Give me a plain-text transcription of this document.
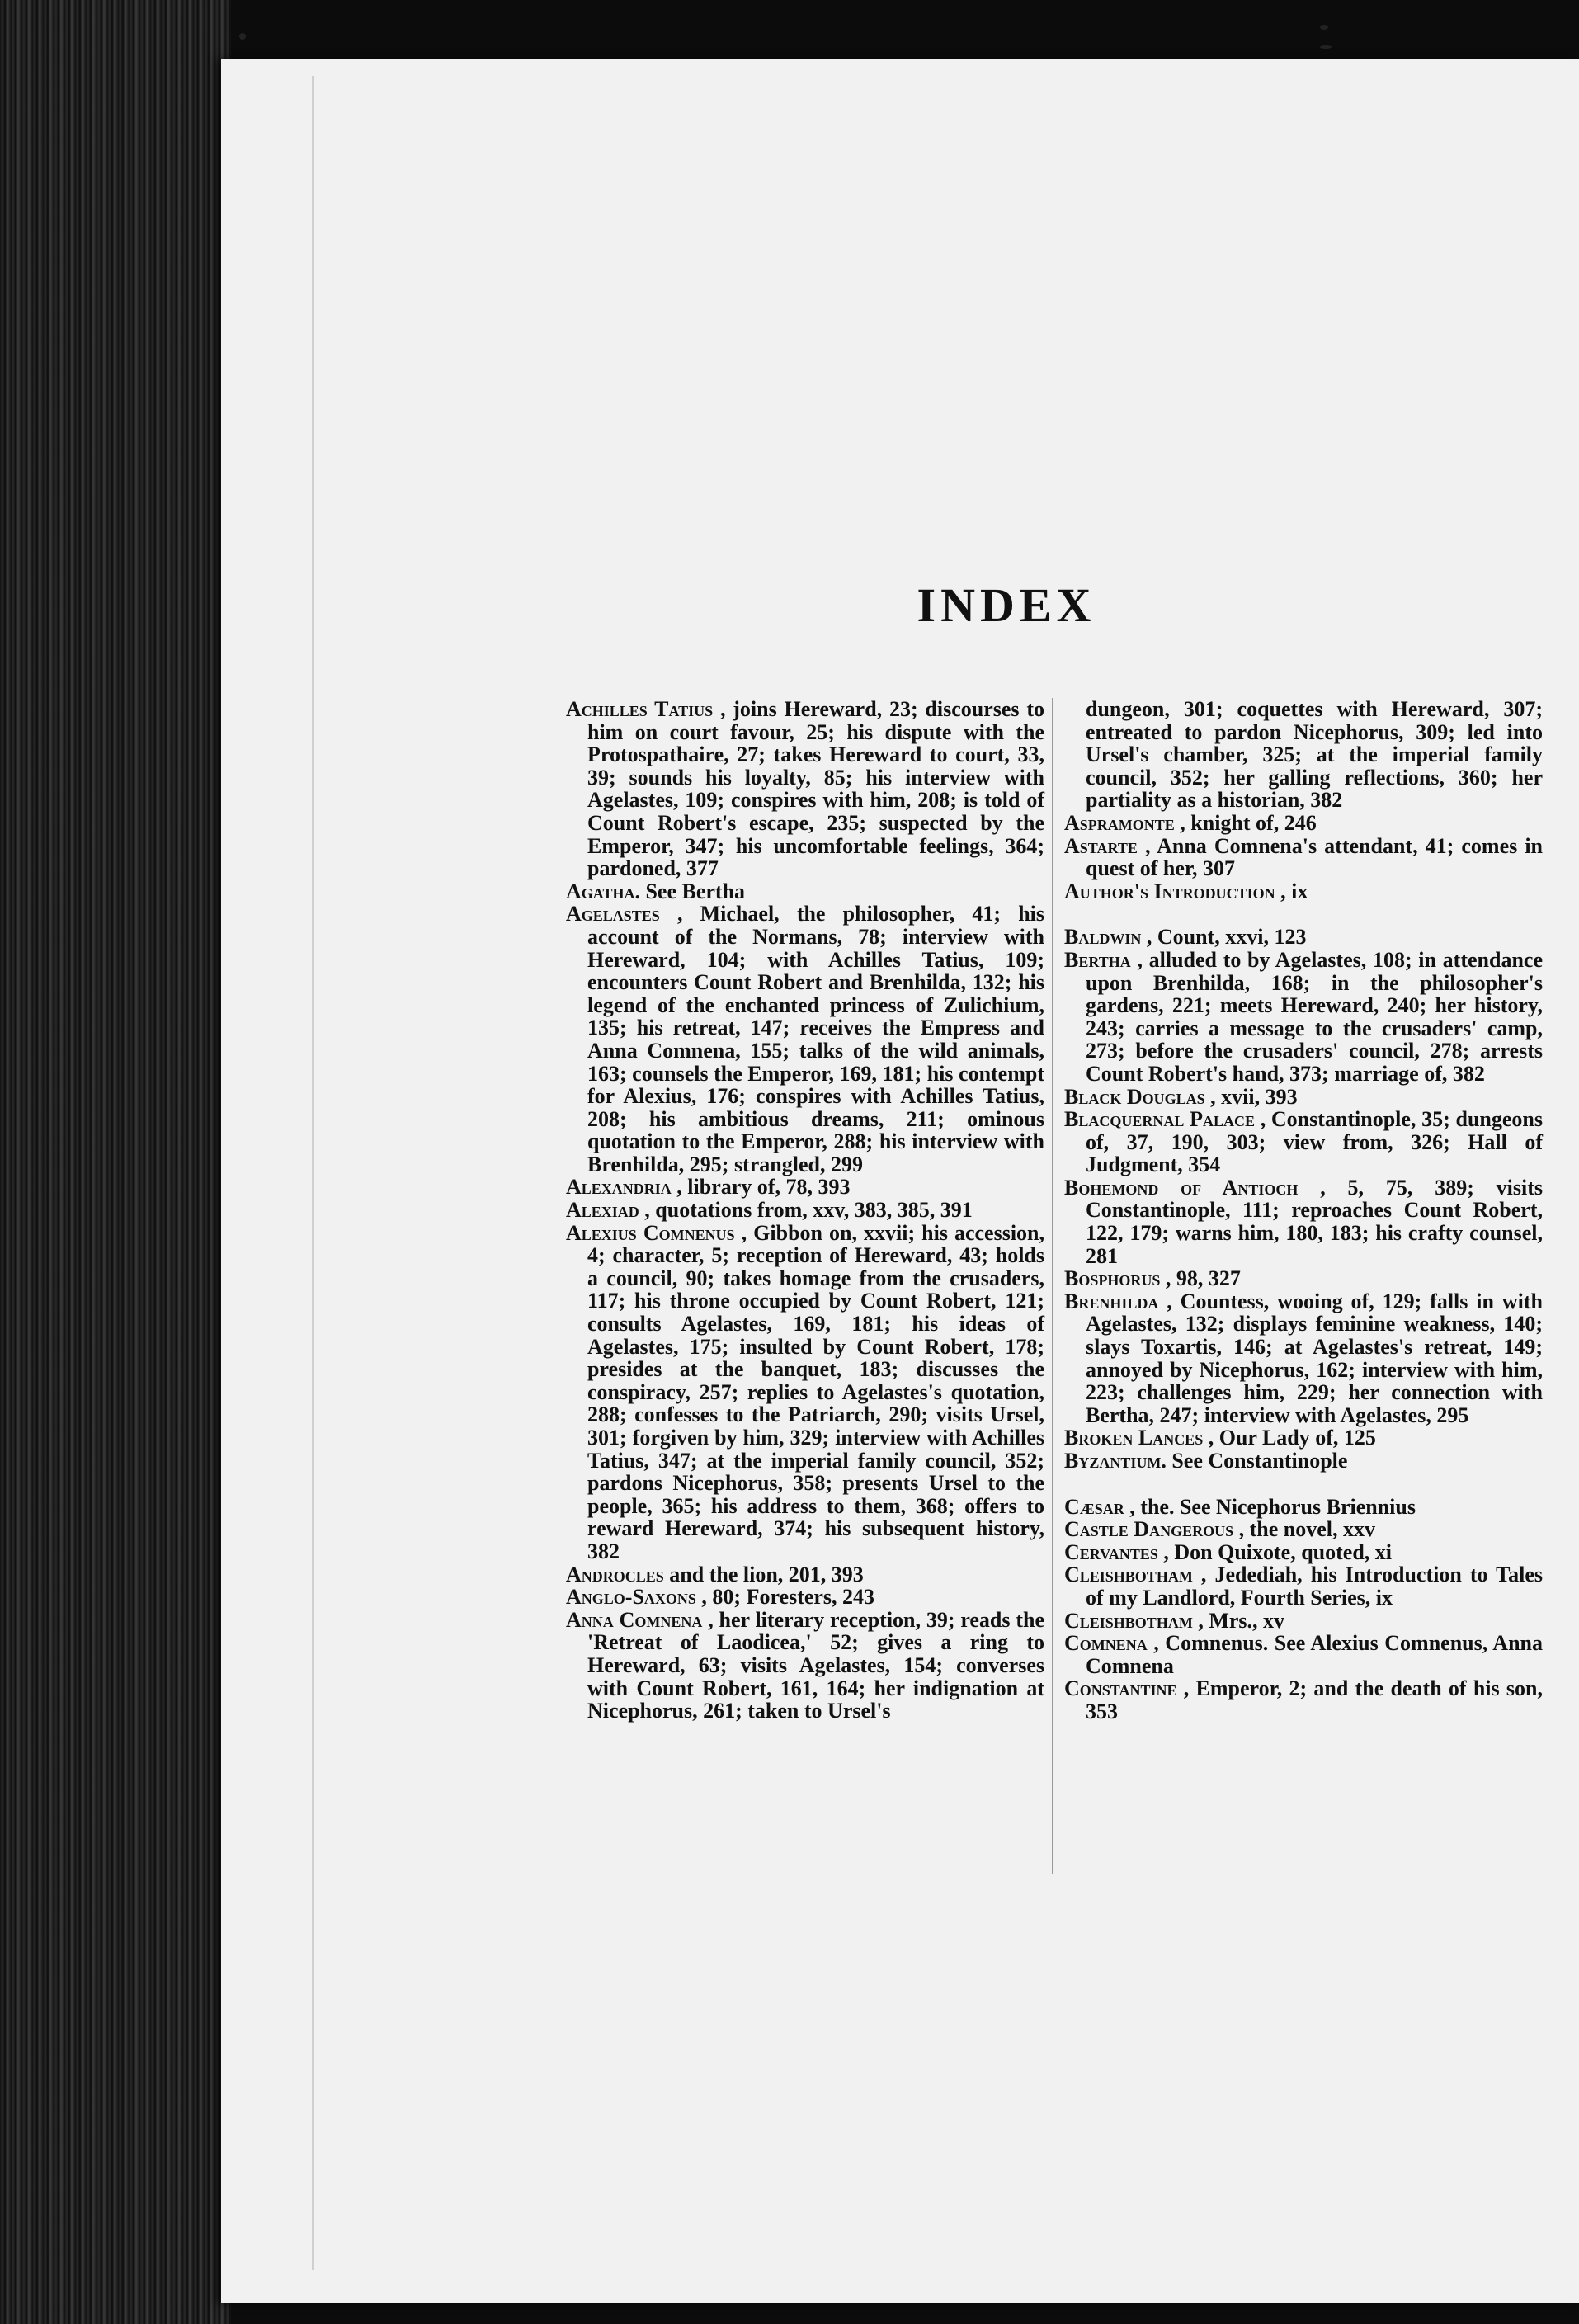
INDEX

Achilles Tatius , joins Hereward, 23; discourses to him on court favour, 25; his dispute with the Protospathaire, 27; takes Hereward to court, 33, 39; sounds his loyalty, 85; his interview with Agelastes, 109; conspires with him, 208; is told of Count Robert's escape, 235; suspected by the Emperor, 347; his uncomfortable feelings, 364; pardoned, 377

Agatha. See Bertha

Agelastes , Michael, the philosopher, 41; his account of the Normans, 78; interview with Hereward, 104; with Achilles Tatius, 109; encounters Count Robert and Brenhilda, 132; his legend of the enchanted princess of Zulichium, 135; his retreat, 147; receives the Empress and Anna Comnena, 155; talks of the wild animals, 163; counsels the Emperor, 169, 181; his contempt for Alexius, 176; conspires with Achilles Tatius, 208; his ambitious dreams, 211; ominous quotation to the Emperor, 288; his interview with Brenhilda, 295; strangled, 299

Alexandria , library of, 78, 393

Alexiad , quotations from, xxv, 383, 385, 391

Alexius Comnenus , Gibbon on, xxvii; his accession, 4; character, 5; reception of Hereward, 43; holds a council, 90; takes homage from the crusaders, 117; his throne occupied by Count Robert, 121; consults Agelastes, 169, 181; his ideas of Agelastes, 175; insulted by Count Robert, 178; presides at the banquet, 183; discusses the conspiracy, 257; replies to Agelastes's quotation, 288; confesses to the Patriarch, 290; visits Ursel, 301; forgiven by him, 329; interview with Achilles Tatius, 347; at the imperial family council, 352; pardons Nicephorus, 358; presents Ursel to the people, 365; his address to them, 368; offers to reward Hereward, 374; his subsequent history, 382

Androcles and the lion, 201, 393

Anglo-Saxons , 80; Foresters, 243

Anna Comnena , her literary reception, 39; reads the 'Retreat of Laodicea,' 52; gives a ring to Hereward, 63; visits Agelastes, 154; converses with Count Robert, 161, 164; her indignation at Nicephorus, 261; taken to Ursel's

dungeon, 301; coquettes with Hereward, 307; entreated to pardon Nicephorus, 309; led into Ursel's chamber, 325; at the imperial family council, 352; her galling reflections, 360; her partiality as a historian, 382

Aspramonte , knight of, 246

Astarte , Anna Comnena's attendant, 41; comes in quest of her, 307

Author's Introduction , ix

Baldwin , Count, xxvi, 123

Bertha , alluded to by Agelastes, 108; in attendance upon Brenhilda, 168; in the philosopher's gardens, 221; meets Hereward, 240; her history, 243; carries a message to the crusaders' camp, 273; before the crusaders' council, 278; arrests Count Robert's hand, 373; marriage of, 382

Black Douglas , xvii, 393

Blacquernal Palace , Constantinople, 35; dungeons of, 37, 190, 303; view from, 326; Hall of Judgment, 354

Bohemond of Antioch , 5, 75, 389; visits Constantinople, 111; reproaches Count Robert, 122, 179; warns him, 180, 183; his crafty counsel, 281

Bosphorus , 98, 327

Brenhilda , Countess, wooing of, 129; falls in with Agelastes, 132; displays feminine weakness, 140; slays Toxartis, 146; at Agelastes's retreat, 149; annoyed by Nicephorus, 162; interview with him, 223; challenges him, 229; her connection with Bertha, 247; interview with Agelastes, 295

Broken Lances , Our Lady of, 125

Byzantium. See Constantinople

Cæsar , the. See Nicephorus Briennius

Castle Dangerous , the novel, xxv

Cervantes , Don Quixote, quoted, xi

Cleishbotham , Jedediah, his Introduction to Tales of my Landlord, Fourth Series, ix

Cleishbotham , Mrs., xv

Comnena , Comnenus. See Alexius Comnenus, Anna Comnena

Constantine , Emperor, 2; and the death of his son, 353
